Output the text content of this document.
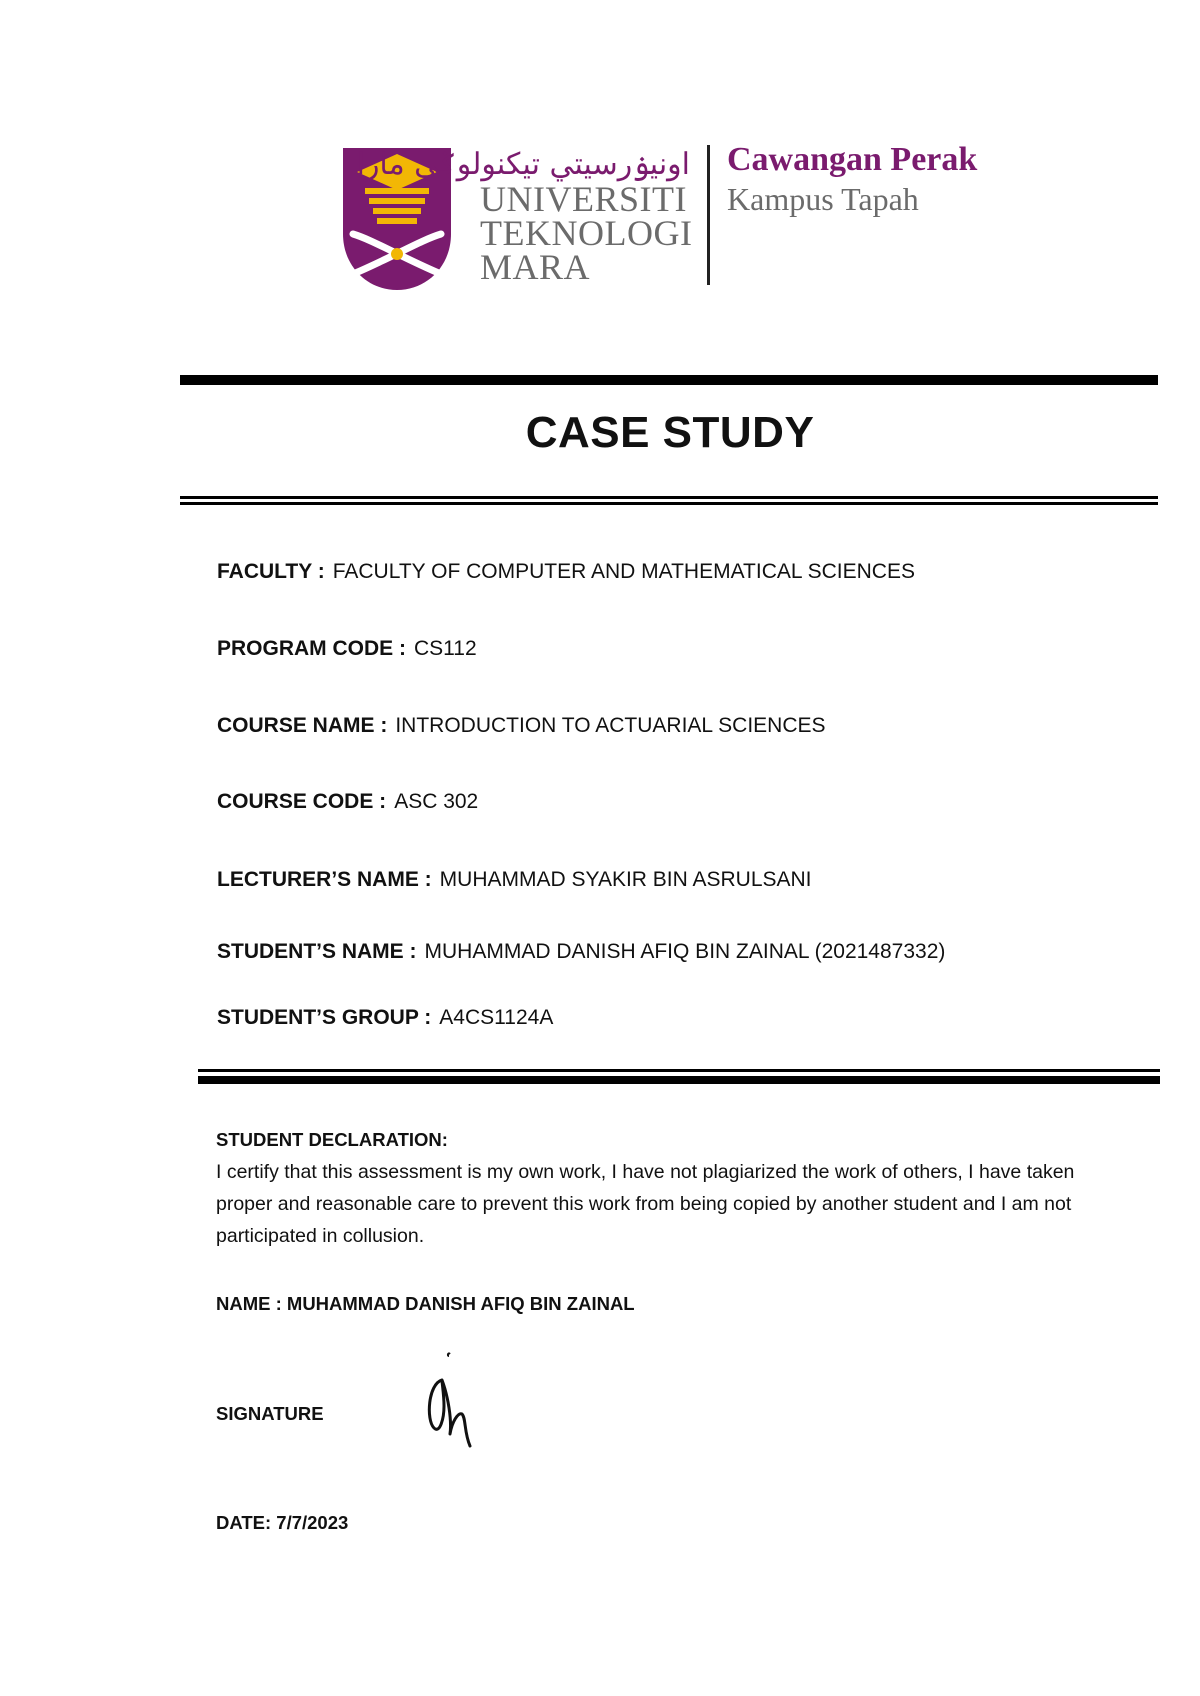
اونيۏرسيتي تيكنولوݢي مارا
UNIVERSITI
TEKNOLOGI
MARA
Cawangan Perak
Kampus Tapah
CASE STUDY
FACULTY : FACULTY OF COMPUTER AND MATHEMATICAL SCIENCES
PROGRAM CODE : CS112
COURSE NAME : INTRODUCTION TO ACTUARIAL SCIENCES
COURSE CODE : ASC 302
LECTURER’S NAME : MUHAMMAD SYAKIR BIN ASRULSANI
STUDENT’S NAME : MUHAMMAD DANISH AFIQ BIN ZAINAL (2021487332)
STUDENT’S GROUP : A4CS1124A
STUDENT DECLARATION:
I certify that this assessment is my own work, I have not plagiarized the work of others, I have taken proper and reasonable care to prevent this work from being copied by another student and I am not participated in collusion.
NAME : MUHAMMAD DANISH AFIQ BIN ZAINAL
SIGNATURE
DATE: 7/7/2023
